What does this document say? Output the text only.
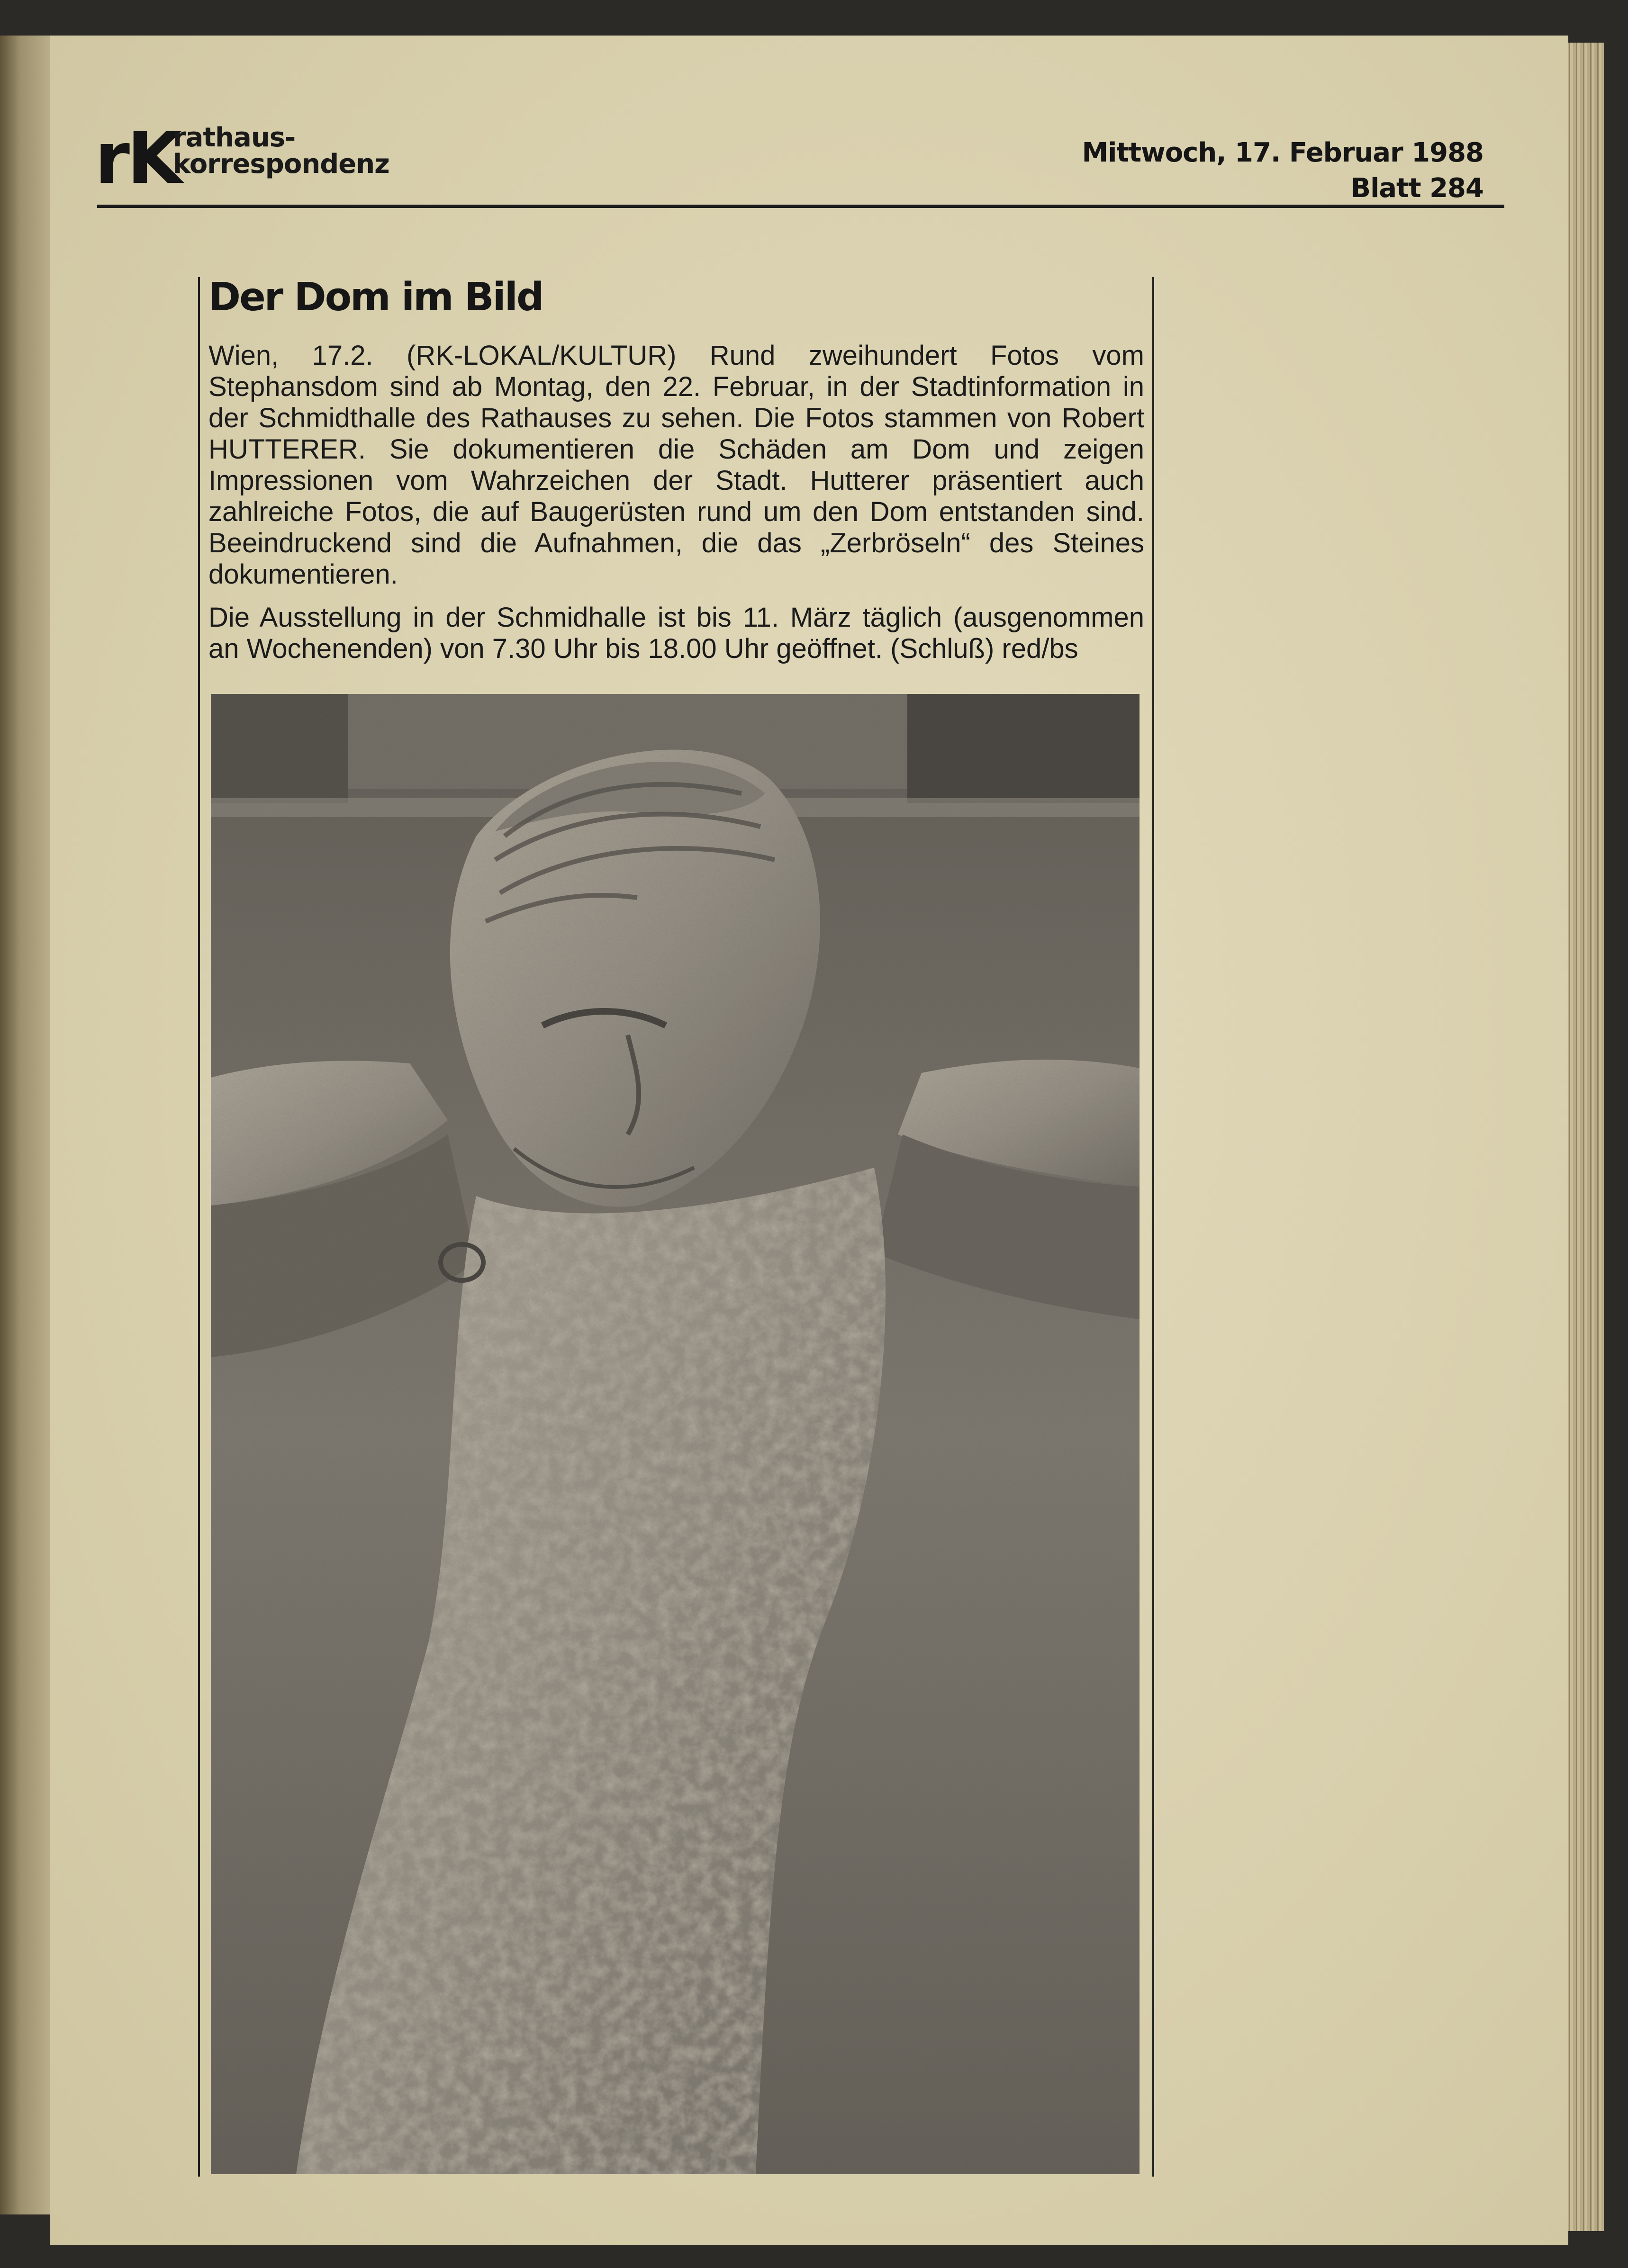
rK
rathaus-
korrespondenz	Mittwoch, 17. Februar 1988
Blatt 284
Der Dom im Bild

Wien, 17.2. (RK-LOKAL/KULTUR) Rund zweihundert Fotos vom Stephansdom sind ab Montag, den 22. Februar, in der Stadtinformation in der Schmidthalle des Rathauses zu sehen. Die Fotos stammen von Robert HUTTERER. Sie dokumentieren die Schäden am Dom und zeigen Impressionen vom Wahrzeichen der Stadt. Hutterer präsentiert auch zahlreiche Fotos, die auf Baugerüsten rund um den Dom entstanden sind. Beeindruckend sind die Aufnahmen, die das „Zerbröseln“ des Steines dokumentieren.

Die Ausstellung in der Schmidhalle ist bis 11. März täglich (ausgenommen an Wochenenden) von 7.30 Uhr bis 18.00 Uhr geöffnet. (Schluß) red/bs
